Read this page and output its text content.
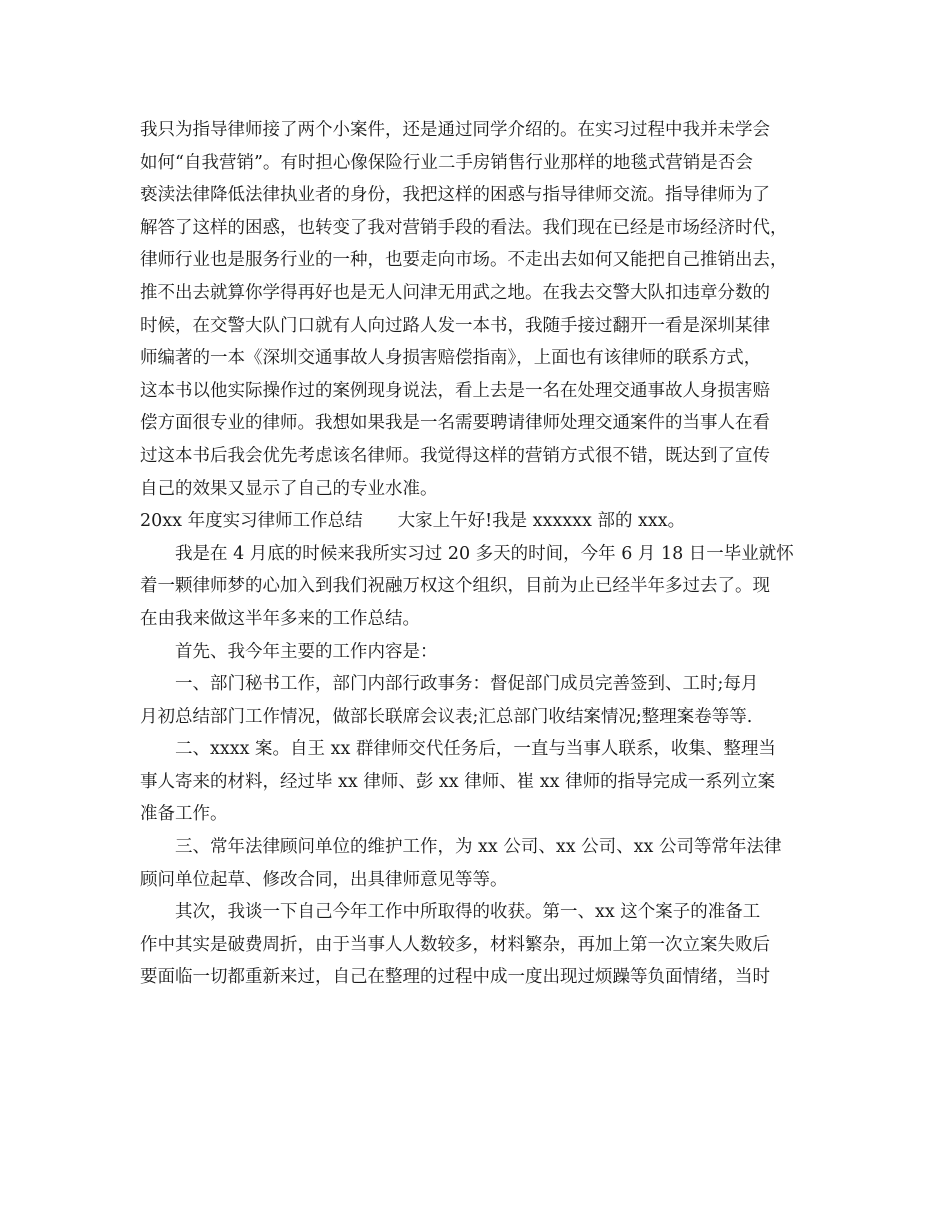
我只为指导律师接了两个小案件，还是通过同学介绍的。在实习过程中我并未学会
如何“自我营销”。有时担心像保险行业二手房销售行业那样的地毯式营销是否会
亵渎法律降低法律执业者的身份，我把这样的困惑与指导律师交流。指导律师为了
解答了这样的困惑，也转变了我对营销手段的看法。我们现在已经是市场经济时代，
律师行业也是服务行业的一种，也要走向市场。不走出去如何又能把自己推销出去，
推不出去就算你学得再好也是无人问津无用武之地。在我去交警大队扣违章分数的
时候，在交警大队门口就有人向过路人发一本书，我随手接过翻开一看是深圳某律
师编著的一本《深圳交通事故人身损害赔偿指南》，上面也有该律师的联系方式，
这本书以他实际操作过的案例现身说法，看上去是一名在处理交通事故人身损害赔
偿方面很专业的律师。我想如果我是一名需要聘请律师处理交通案件的当事人在看
过这本书后我会优先考虑该名律师。我觉得这样的营销方式很不错，既达到了宣传
自己的效果又显示了自己的专业水准。
20xx 年度实习律师工作总结　　大家上午好!我是 xxxxxx 部的 xxx。
我是在 4 月底的时候来我所实习过 20 多天的时间，今年 6 月 18 日一毕业就怀
着一颗律师梦的心加入到我们祝融万权这个组织，目前为止已经半年多过去了。现
在由我来做这半年多来的工作总结。
首先、我今年主要的工作内容是：
一、部门秘书工作，部门内部行政事务：督促部门成员完善签到、工时;每月
月初总结部门工作情况，做部长联席会议表;汇总部门收结案情况;整理案卷等等.
二、xxxx 案。自王 xx 群律师交代任务后，一直与当事人联系，收集、整理当
事人寄来的材料，经过毕 xx 律师、彭 xx 律师、崔 xx 律师的指导完成一系列立案
准备工作。
三、常年法律顾问单位的维护工作，为 xx 公司、xx 公司、xx 公司等常年法律
顾问单位起草、修改合同，出具律师意见等等。
其次，我谈一下自己今年工作中所取得的收获。第一、xx 这个案子的准备工
作中其实是破费周折，由于当事人人数较多，材料繁杂，再加上第一次立案失败后
要面临一切都重新来过，自己在整理的过程中成一度出现过烦躁等负面情绪，当时
